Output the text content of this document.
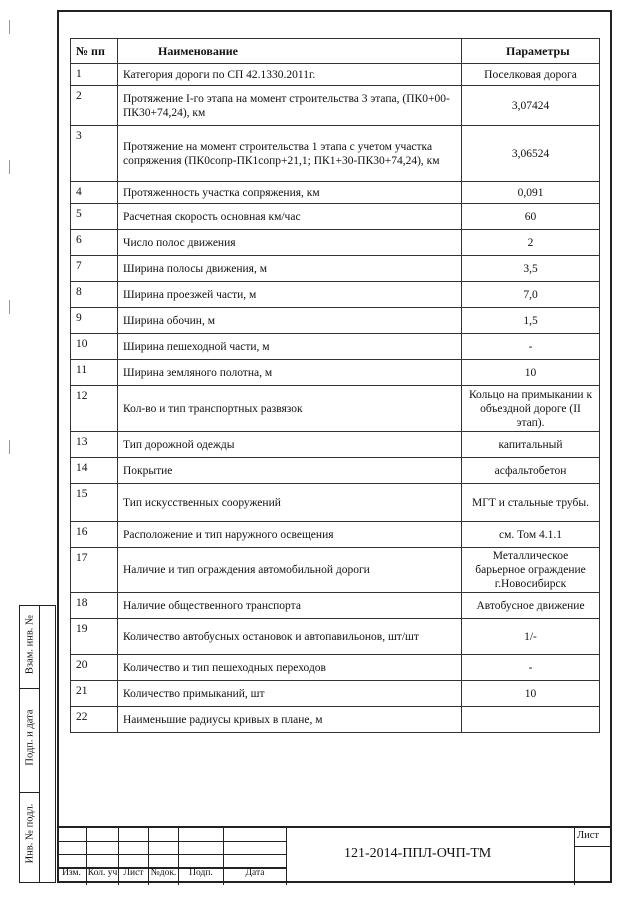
№ пп	Наименование	Параметры
1	Категория дороги по СП 42.1330.2011г.	Поселковая дорога
2	Протяжение I-го этапа на момент строительства 3 этапа, (ПК0+00-ПК30+74,24), км	3,07424
3	Протяжение на момент строительства 1 этапа с учетом участка сопряжения (ПК0сопр-ПК1сопр+21,1; ПК1+30-ПК30+74,24), км	3,06524
4	Протяженность участка сопряжения, км	0,091
5	Расчетная скорость основная км/час	60
6	Число полос движения	2
7	Ширина полосы движения, м	3,5
8	Ширина проезжей части, м	7,0
9	Ширина обочин, м	1,5
10	Ширина пешеходной части, м	-
11	Ширина земляного полотна, м	10
12	Кол-во и тип транспортных развязок	Кольцо на примыкании к объездной дороге (II этап).
13	Тип дорожной одежды	капитальный
14	Покрытие	асфальтобетон
15	Тип искусственных сооружений	МГТ и стальные трубы.
16	Расположение и тип наружного освещения	см. Том 4.1.1
17	Наличие и тип ограждения автомобильной дороги	Металлическое барьерное ограждение г.Новосибирск
18	Наличие общественного транспорта	Автобусное движение
19	Количество автобусных остановок и автопавильонов, шт/шт	1/-
20	Количество и тип пешеходных переходов	-
21	Количество примыканий, шт	10
22	Наименьшие радиусы кривых в плане, м	
Взам. инв. №
Подп. и дата
Инв. № подл.
Изм. Кол. уч Лист №док.	Подп.	Дата
121-2014-ППЛ-ОЧП-ТМ
Лист
